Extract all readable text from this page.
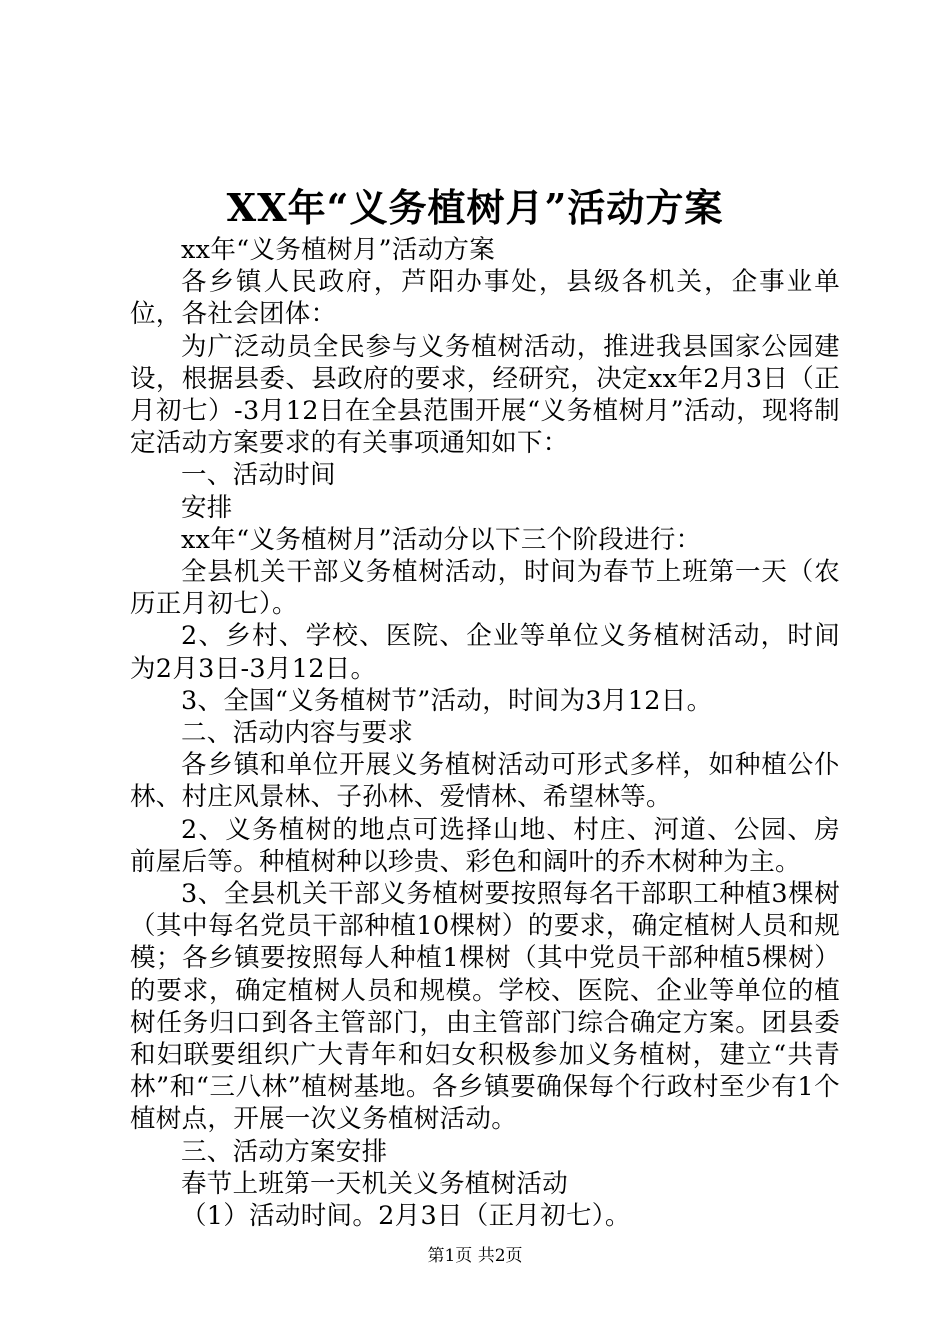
XX年“义务植树月”活动方案

xx年“义务植树月”活动方案

各乡镇人民政府，芦阳办事处，县级各机关，企事业单位，各社会团体：

为广泛动员全民参与义务植树活动，推进我县国家公园建设，根据县委、县政府的要求，经研究，决定xx年2月3日（正月初七）-3月12日在全县范围开展“义务植树月”活动，现将制定活动方案要求的有关事项通知如下：

一、活动时间

安排

xx年“义务植树月”活动分以下三个阶段进行：

全县机关干部义务植树活动，时间为春节上班第一天（农历正月初七）。

2、乡村、学校、医院、企业等单位义务植树活动，时间为2月3日-3月12日。

3、全国“义务植树节”活动，时间为3月12日。

二、活动内容与要求

各乡镇和单位开展义务植树活动可形式多样，如种植公仆林、村庄风景林、子孙林、爱情林、希望林等。

2、义务植树的地点可选择山地、村庄、河道、公园、房前屋后等。种植树种以珍贵、彩色和阔叶的乔木树种为主。

3、全县机关干部义务植树要按照每名干部职工种植3棵树（其中每名党员干部种植10棵树）的要求，确定植树人员和规模；各乡镇要按照每人种植1棵树（其中党员干部种植5棵树）的要求，确定植树人员和规模。学校、医院、企业等单位的植树任务归口到各主管部门，由主管部门综合确定方案。团县委和妇联要组织广大青年和妇女积极参加义务植树，建立“共青林”和“三八林”植树基地。各乡镇要确保每个行政村至少有1个植树点，开展一次义务植树活动。

三、活动方案安排

春节上班第一天机关义务植树活动

（1）活动时间。2月3日（正月初七）。

第1页 共2页
